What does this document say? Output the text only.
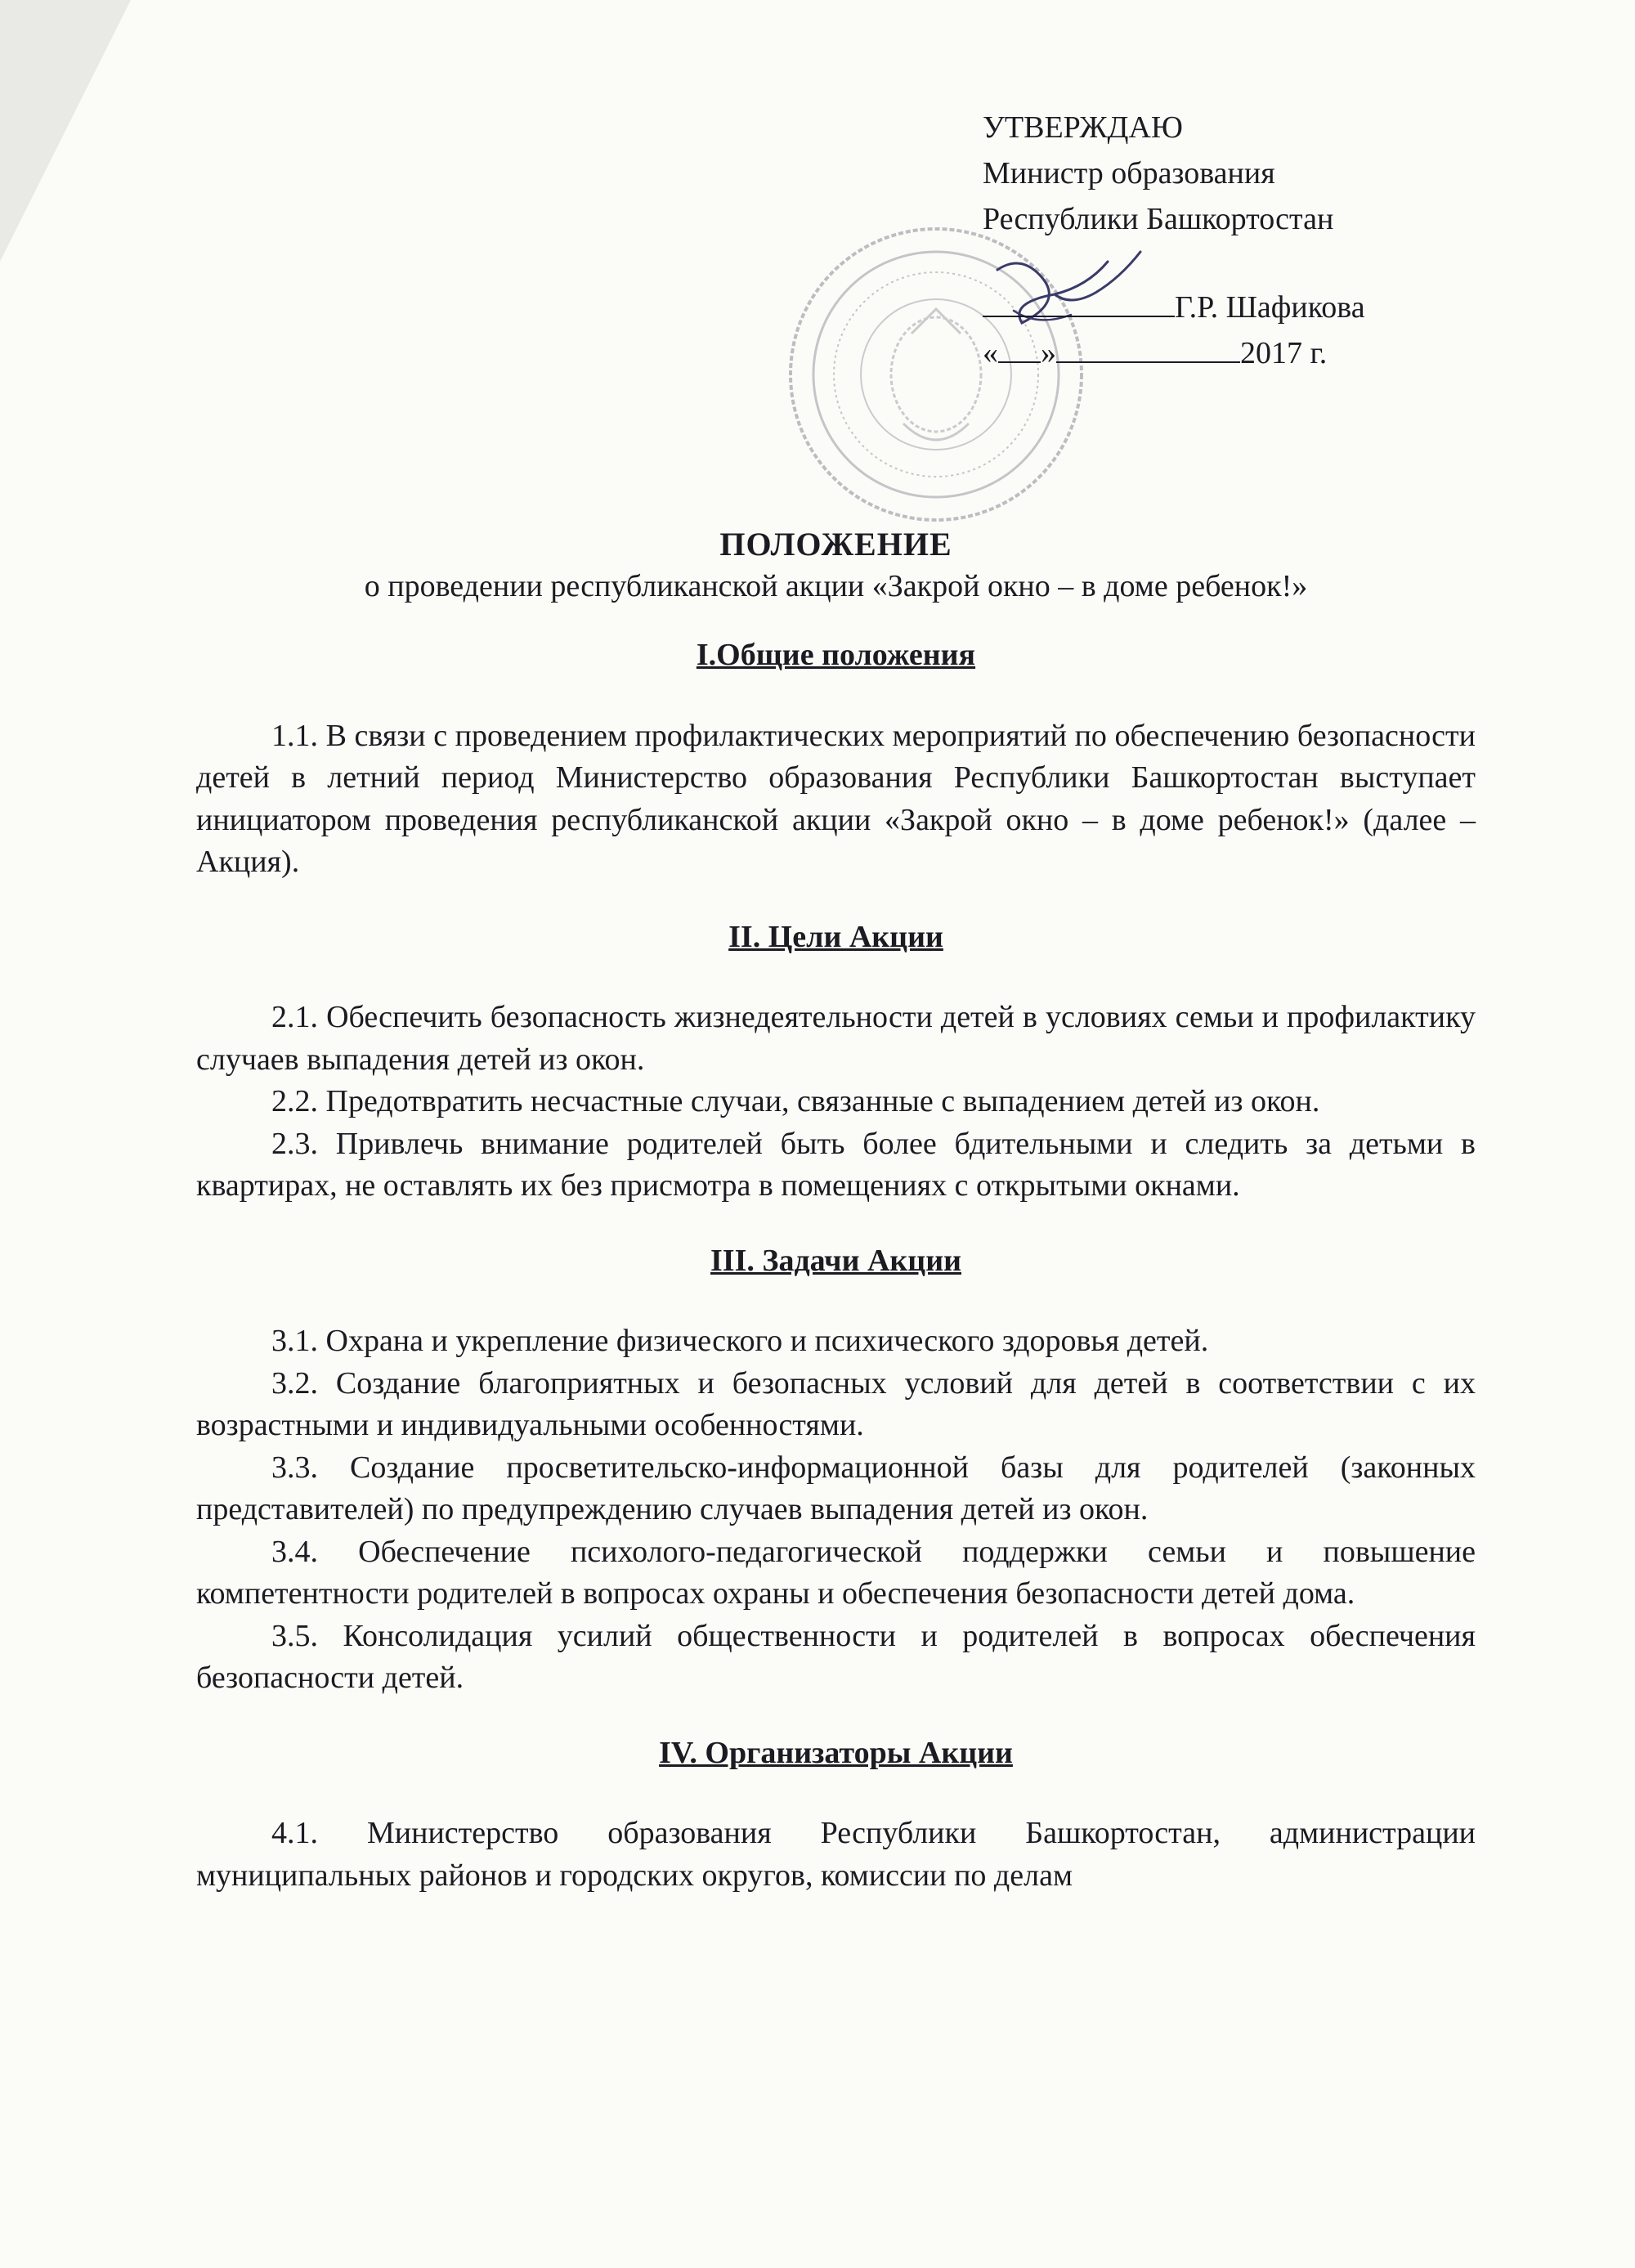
УТВЕРЖДАЮ
Министр образования
Республики Башкортостан
Г.Р. Шафикова
« »	2017 г.

ПОЛОЖЕНИЕ

о проведении республиканской акции «Закрой окно – в доме ребенок!»

I.Общие положения

1.1. В связи с проведением профилактических мероприятий по обеспечению безопасности детей в летний период Министерство образования Республики Башкортостан выступает инициатором проведения республиканской акции «Закрой окно – в доме ребенок!» (далее – Акция).

II. Цели Акции

2.1. Обеспечить безопасность жизнедеятельности детей в условиях семьи и профилактику случаев выпадения детей из окон.

2.2. Предотвратить несчастные случаи, связанные с выпадением детей из окон.

2.3. Привлечь внимание родителей быть более бдительными и следить за детьми в квартирах, не оставлять их без присмотра в помещениях с открытыми окнами.

III. Задачи Акции

3.1. Охрана и укрепление физического и психического здоровья детей.

3.2. Создание благоприятных и безопасных условий для детей в соответствии с их возрастными и индивидуальными особенностями.

3.3. Создание просветительско-информационной базы для родителей (законных представителей) по предупреждению случаев выпадения детей из окон.

3.4. Обеспечение психолого-педагогической поддержки семьи и повышение компетентности родителей в вопросах охраны и обеспечения безопасности детей дома.

3.5. Консолидация усилий общественности и родителей в вопросах обеспечения безопасности детей.

IV. Организаторы Акции

4.1. Министерство образования Республики Башкортостан, администрации муниципальных районов и городских округов, комиссии по делам
